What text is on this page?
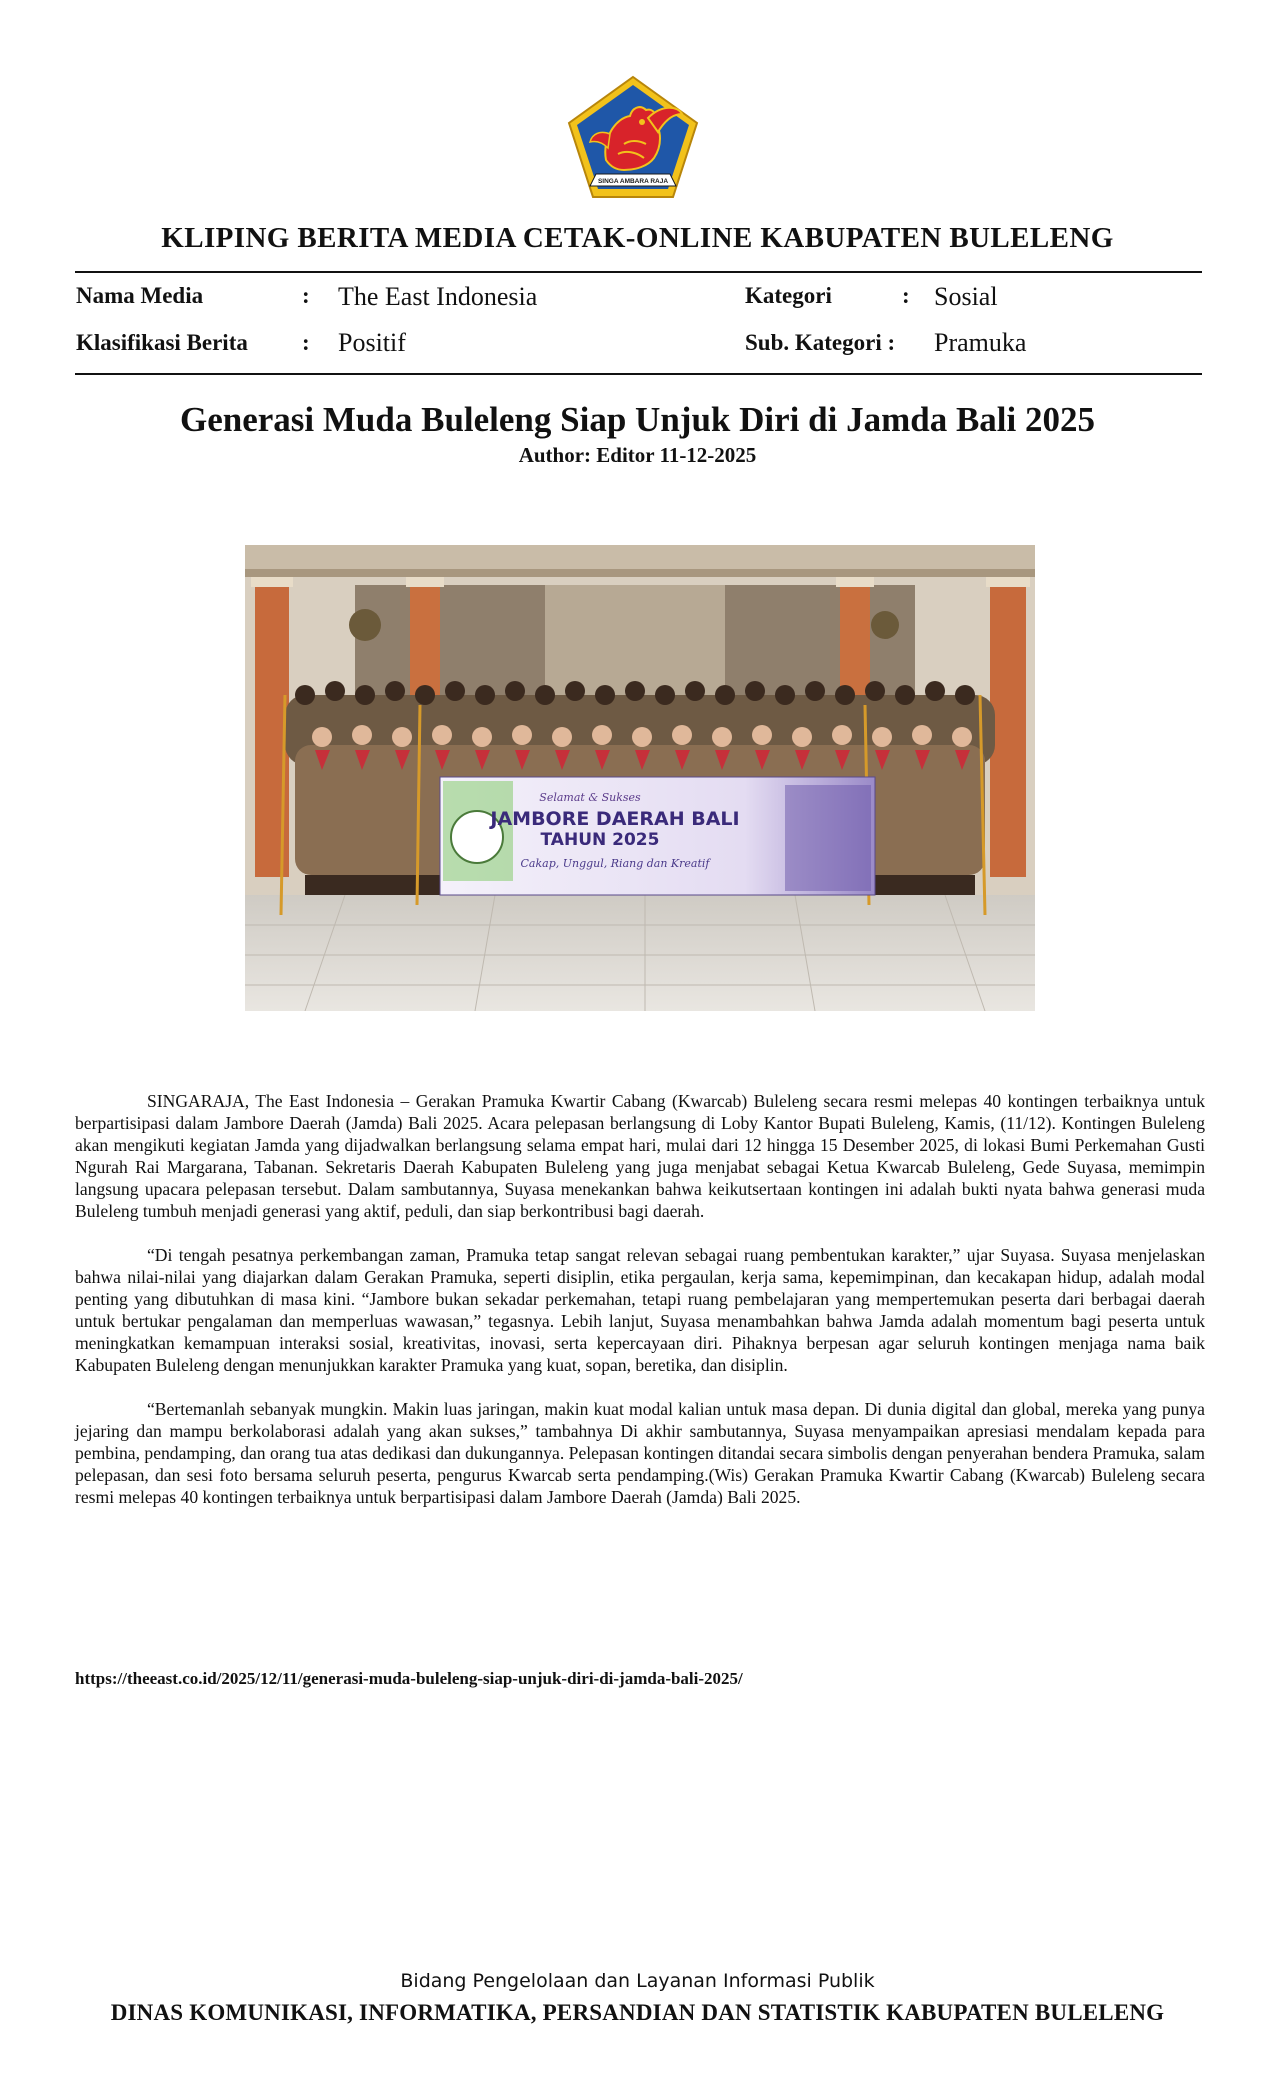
SINGA AMBARA RAJA
KLIPING BERITA MEDIA CETAK-ONLINE KABUPATEN BULELENG
Nama Media	: The East Indonesia	Kategori	: Sosial
Klasifikasi Berita : Positif	Sub. Kategori : Pramuka
Generasi Muda Buleleng Siap Unjuk Diri di Jamda Bali 2025
Author: Editor 11-12-2025
Selamat & Sukses
JAMBORE DAERAH BALI
TAHUN 2025
Cakap, Unggul, Riang dan Kreatif

SINGARAJA, The East Indonesia – Gerakan Pramuka Kwartir Cabang (Kwarcab) Buleleng secara resmi melepas 40 kontingen terbaiknya untuk berpartisipasi dalam Jambore Daerah (Jamda) Bali 2025. Acara pelepasan berlangsung di Loby Kantor Bupati Buleleng, Kamis, (11/12). Kontingen Buleleng akan mengikuti kegiatan Jamda yang dijadwalkan berlangsung selama empat hari, mulai dari 12 hingga 15 Desember 2025, di lokasi Bumi Perkemahan Gusti Ngurah Rai Margarana, Tabanan. Sekretaris Daerah Kabupaten Buleleng yang juga menjabat sebagai Ketua Kwarcab Buleleng, Gede Suyasa, memimpin langsung upacara pelepasan tersebut. Dalam sambutannya, Suyasa menekankan bahwa keikutsertaan kontingen ini adalah bukti nyata bahwa generasi muda Buleleng tumbuh menjadi generasi yang aktif, peduli, dan siap berkontribusi bagi daerah.

“Di tengah pesatnya perkembangan zaman, Pramuka tetap sangat relevan sebagai ruang pembentukan karakter,” ujar Suyasa. Suyasa menjelaskan bahwa nilai-nilai yang diajarkan dalam Gerakan Pramuka, seperti disiplin, etika pergaulan, kerja sama, kepemimpinan, dan kecakapan hidup, adalah modal penting yang dibutuhkan di masa kini. “Jambore bukan sekadar perkemahan, tetapi ruang pembelajaran yang mempertemukan peserta dari berbagai daerah untuk bertukar pengalaman dan memperluas wawasan,” tegasnya. Lebih lanjut, Suyasa menambahkan bahwa Jamda adalah momentum bagi peserta untuk meningkatkan kemampuan interaksi sosial, kreativitas, inovasi, serta kepercayaan diri. Pihaknya berpesan agar seluruh kontingen menjaga nama baik Kabupaten Buleleng dengan menunjukkan karakter Pramuka yang kuat, sopan, beretika, dan disiplin.

“Bertemanlah sebanyak mungkin. Makin luas jaringan, makin kuat modal kalian untuk masa depan. Di dunia digital dan global, mereka yang punya jejaring dan mampu berkolaborasi adalah yang akan sukses,” tambahnya Di akhir sambutannya, Suyasa menyampaikan apresiasi mendalam kepada para pembina, pendamping, dan orang tua atas dedikasi dan dukungannya. Pelepasan kontingen ditandai secara simbolis dengan penyerahan bendera Pramuka, salam pelepasan, dan sesi foto bersama seluruh peserta, pengurus Kwarcab serta pendamping.(Wis) Gerakan Pramuka Kwartir Cabang (Kwarcab) Buleleng secara resmi melepas 40 kontingen terbaiknya untuk berpartisipasi dalam Jambore Daerah (Jamda) Bali 2025.

https://theeast.co.id/2025/12/11/generasi-muda-buleleng-siap-unjuk-diri-di-jamda-bali-2025/
Bidang Pengelolaan dan Layanan Informasi Publik
DINAS KOMUNIKASI, INFORMATIKA, PERSANDIAN DAN STATISTIK KABUPATEN BULELENG
